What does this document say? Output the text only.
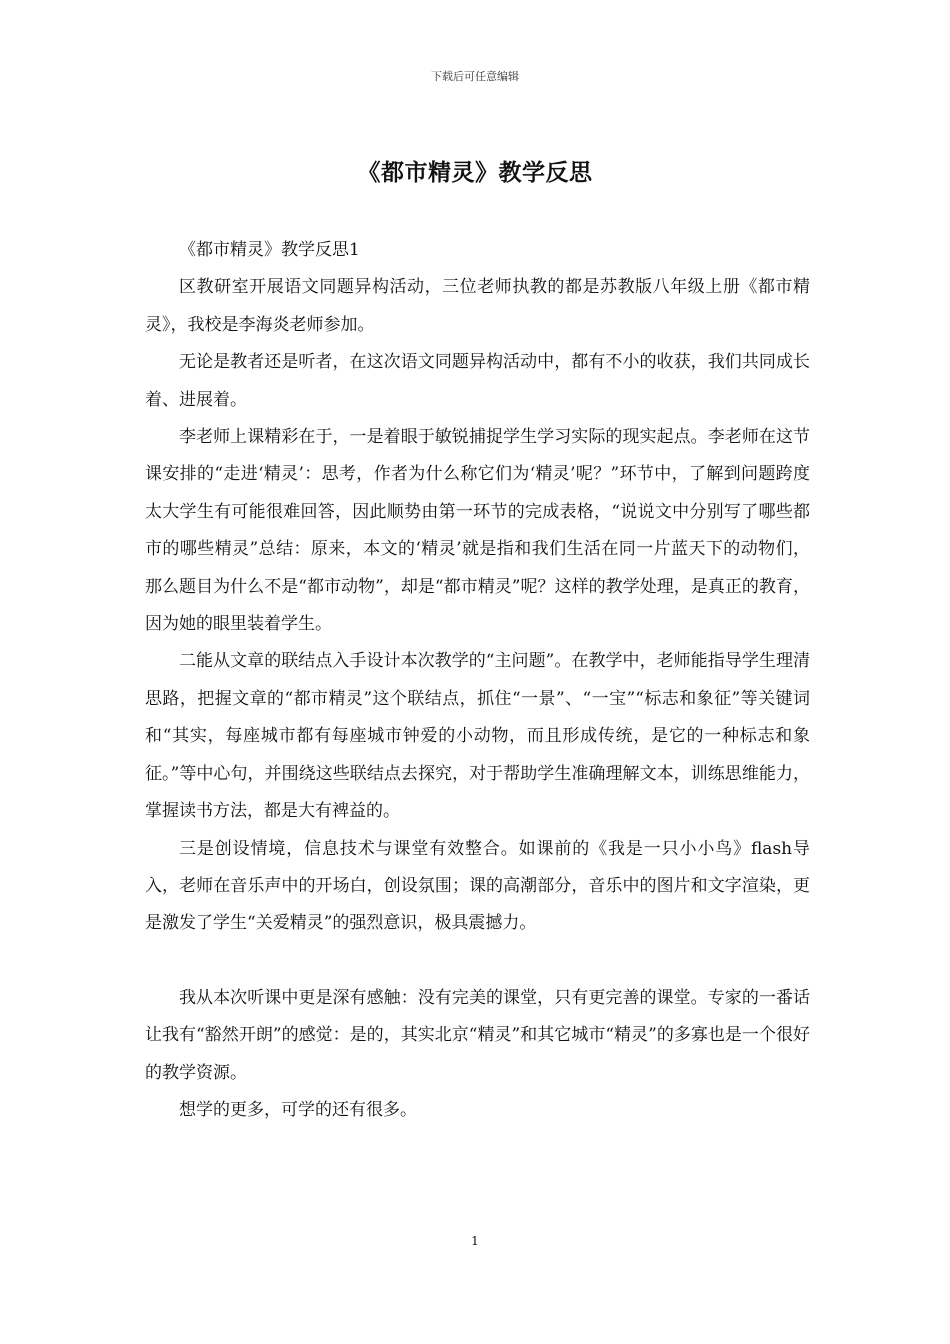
下载后可任意编辑
《都市精灵》教学反思

《都市精灵》教学反思1

区教研室开展语文同题异构活动，三位老师执教的都是苏教版八年级上册《都市精灵》，我校是李海炎老师参加。

无论是教者还是听者，在这次语文同题异构活动中，都有不小的收获，我们共同成长着、进展着。

李老师上课精彩在于，一是着眼于敏锐捕捉学生学习实际的现实起点。李老师在这节课安排的“走进‘精灵’：思考，作者为什么称它们为‘精灵’呢？”环节中，了解到问题跨度太大学生有可能很难回答，因此顺势由第一环节的完成表格，“说说文中分别写了哪些都市的哪些精灵”总结：原来，本文的‘精灵’就是指和我们生活在同一片蓝天下的动物们，那么题目为什么不是“都市动物”，却是“都市精灵”呢？这样的教学处理，是真正的教育，因为她的眼里装着学生。

二能从文章的联结点入手设计本次教学的“主问题”。在教学中，老师能指导学生理清思路，把握文章的“都市精灵”这个联结点，抓住“一景”、“一宝”“标志和象征”等关键词和“其实，每座城市都有每座城市钟爱的小动物，而且形成传统，是它的一种标志和象征。”等中心句，并围绕这些联结点去探究，对于帮助学生准确理解文本，训练思维能力，掌握读书方法，都是大有裨益的。

三是创设情境，信息技术与课堂有效整合。如课前的《我是一只小小鸟》flash导入，老师在音乐声中的开场白，创设氛围；课的高潮部分，音乐中的图片和文字渲染，更是激发了学生“关爱精灵”的强烈意识，极具震撼力。

我从本次听课中更是深有感触：没有完美的课堂，只有更完善的课堂。专家的一番话让我有“豁然开朗”的感觉：是的，其实北京“精灵”和其它城市“精灵”的多寡也是一个很好的教学资源。

想学的更多，可学的还有很多。

1
